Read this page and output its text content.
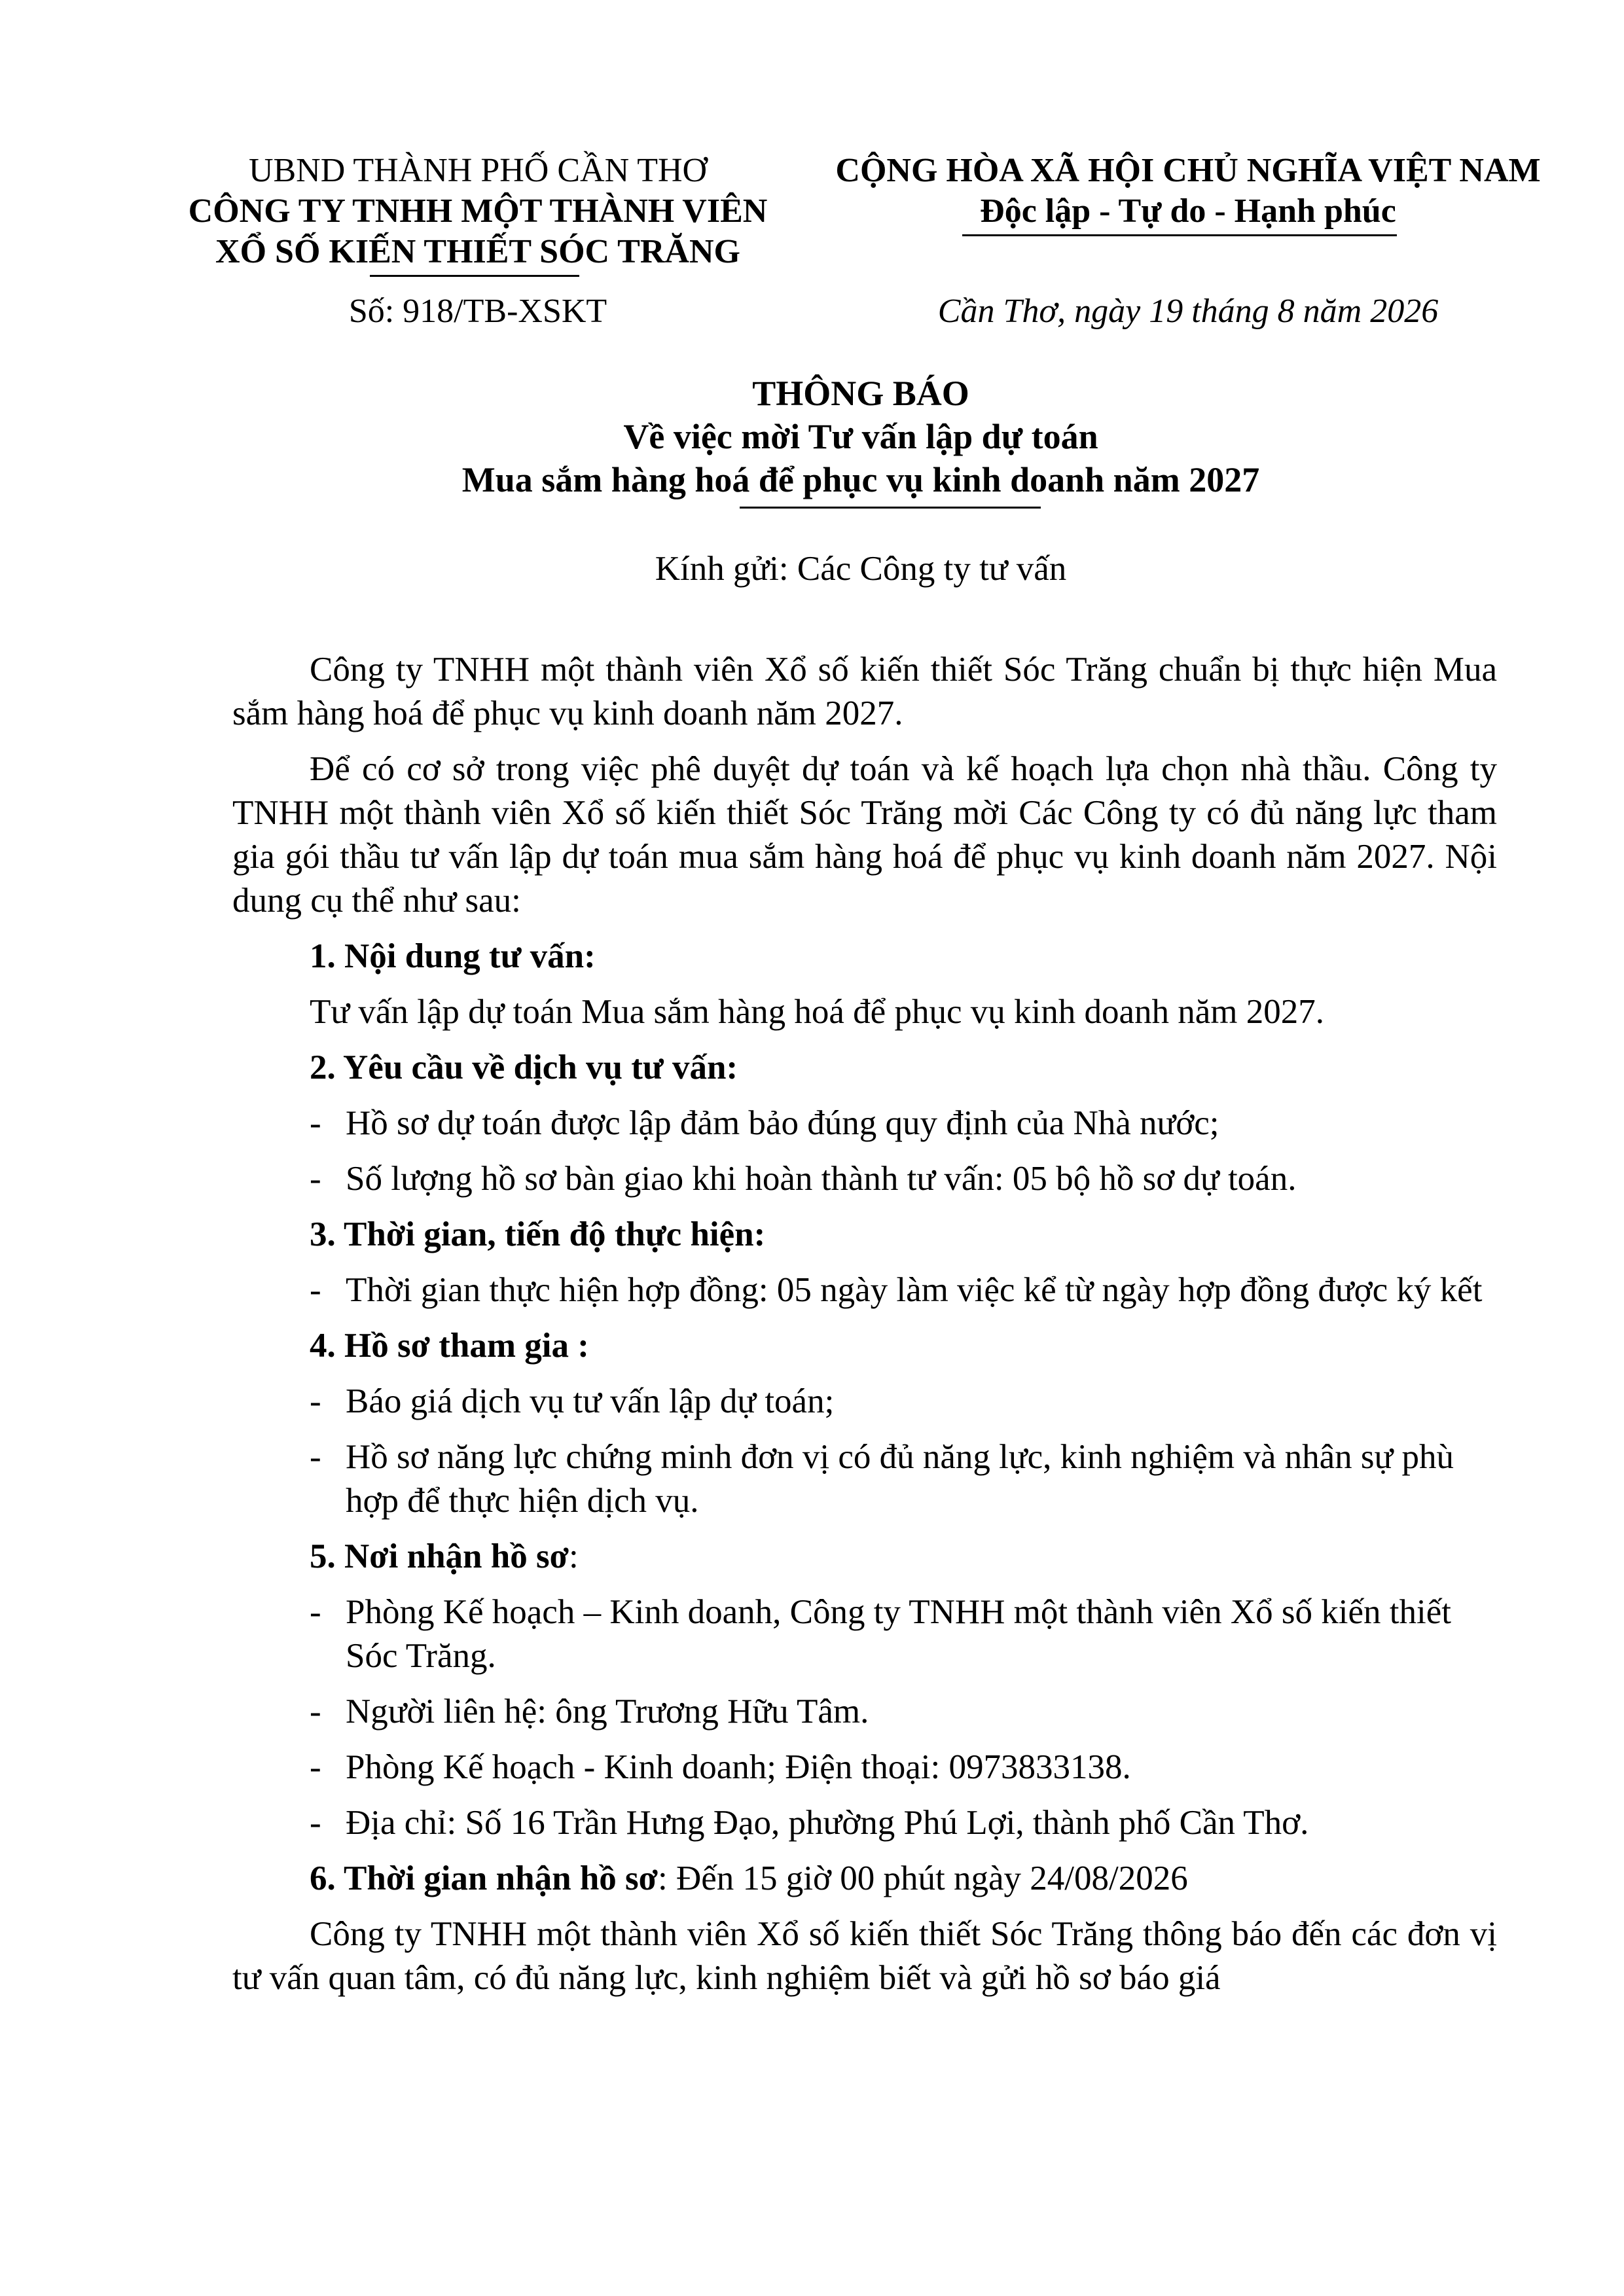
UBND THÀNH PHỐ CẦN THƠ
CÔNG TY TNHH MỘT THÀNH VIÊN
XỔ SỐ KIẾN THIẾT SÓC TRĂNG
CỘNG HÒA XÃ HỘI CHỦ NGHĨA VIỆT NAM
Độc lập - Tự do - Hạnh phúc
Số: 918/TB-XSKT	Cần Thơ, ngày 19 tháng 8 năm 2026
THÔNG BÁO
Về việc mời Tư vấn lập dự toán
Mua sắm hàng hoá để phục vụ kinh doanh năm 2027
Kính gửi: Các Công ty tư vấn

Công ty TNHH một thành viên Xổ số kiến thiết Sóc Trăng chuẩn bị thực hiện Mua sắm hàng hoá để phục vụ kinh doanh năm 2027.

Để có cơ sở trong việc phê duyệt dự toán và kế hoạch lựa chọn nhà thầu. Công ty TNHH một thành viên Xổ số kiến thiết Sóc Trăng mời Các Công ty có đủ năng lực tham gia gói thầu tư vấn lập dự toán mua sắm hàng hoá để phục vụ kinh doanh năm 2027. Nội dung cụ thể như sau:

1. Nội dung tư vấn:

Tư vấn lập dự toán Mua sắm hàng hoá để phục vụ kinh doanh năm 2027.

2. Yêu cầu về dịch vụ tư vấn:

- Hồ sơ dự toán được lập đảm bảo đúng quy định của Nhà nước;

- Số lượng hồ sơ bàn giao khi hoàn thành tư vấn: 05 bộ hồ sơ dự toán.

3. Thời gian, tiến độ thực hiện:

- Thời gian thực hiện hợp đồng: 05 ngày làm việc kể từ ngày hợp đồng được ký kết

4. Hồ sơ tham gia :

- Báo giá dịch vụ tư vấn lập dự toán;

- Hồ sơ năng lực chứng minh đơn vị có đủ năng lực, kinh nghiệm và nhân sự phù hợp để thực hiện dịch vụ.

5. Nơi nhận hồ sơ:

- Phòng Kế hoạch – Kinh doanh, Công ty TNHH một thành viên Xổ số kiến thiết Sóc Trăng.

- Người liên hệ: ông Trương Hữu Tâm.

- Phòng Kế hoạch - Kinh doanh; Điện thoại: 0973833138.

- Địa chỉ: Số 16 Trần Hưng Đạo, phường Phú Lợi, thành phố Cần Thơ.

6. Thời gian nhận hồ sơ: Đến 15 giờ 00 phút ngày 24/08/2026

Công ty TNHH một thành viên Xổ số kiến thiết Sóc Trăng thông báo đến các đơn vị tư vấn quan tâm, có đủ năng lực, kinh nghiệm biết và gửi hồ sơ báo giá
